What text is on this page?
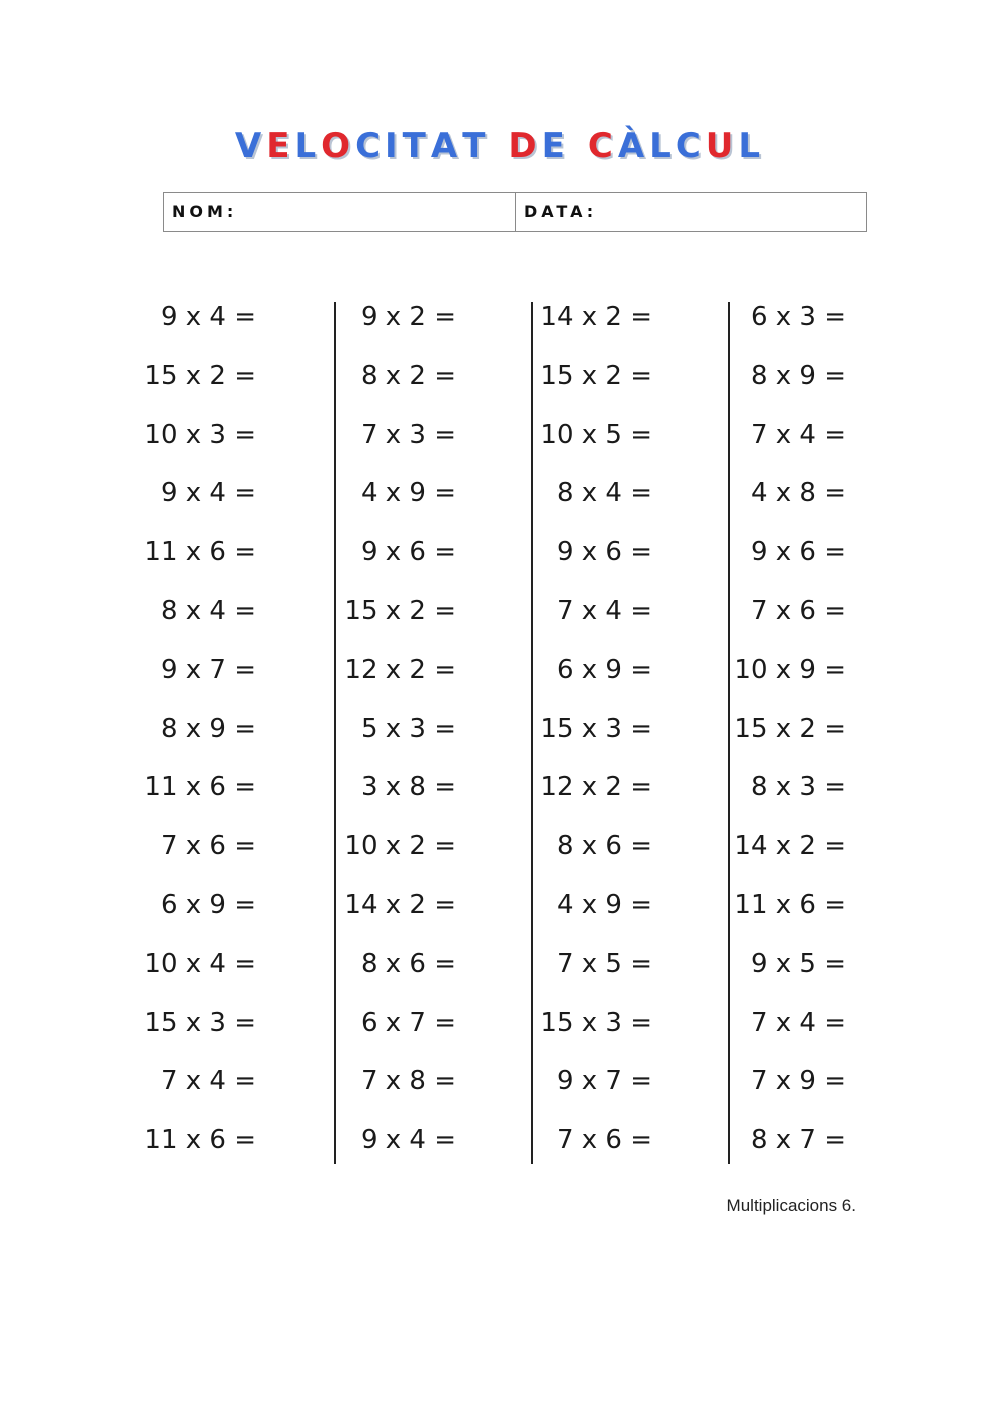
VELOCITAT DE CÀLCUL
NOM:	DATA:
9 x 4 =
15 x 2 =
10 x 3 =
9 x 4 =
11 x 6 =
8 x 4 =
9 x 7 =
8 x 9 =
11 x 6 =
7 x 6 =
6 x 9 =
10 x 4 =
15 x 3 =
7 x 4 =
11 x 6 =
9 x 2 =
8 x 2 =
7 x 3 =
4 x 9 =
9 x 6 =
15 x 2 =
12 x 2 =
5 x 3 =
3 x 8 =
10 x 2 =
14 x 2 =
8 x 6 =
6 x 7 =
7 x 8 =
9 x 4 =
14 x 2 =
15 x 2 =
10 x 5 =
8 x 4 =
9 x 6 =
7 x 4 =
6 x 9 =
15 x 3 =
12 x 2 =
8 x 6 =
4 x 9 =
7 x 5 =
15 x 3 =
9 x 7 =
7 x 6 =
6 x 3 =
8 x 9 =
7 x 4 =
4 x 8 =
9 x 6 =
7 x 6 =
10 x 9 =
15 x 2 =
8 x 3 =
14 x 2 =
11 x 6 =
9 x 5 =
7 x 4 =
7 x 9 =
8 x 7 =
Multiplicacions 6.
